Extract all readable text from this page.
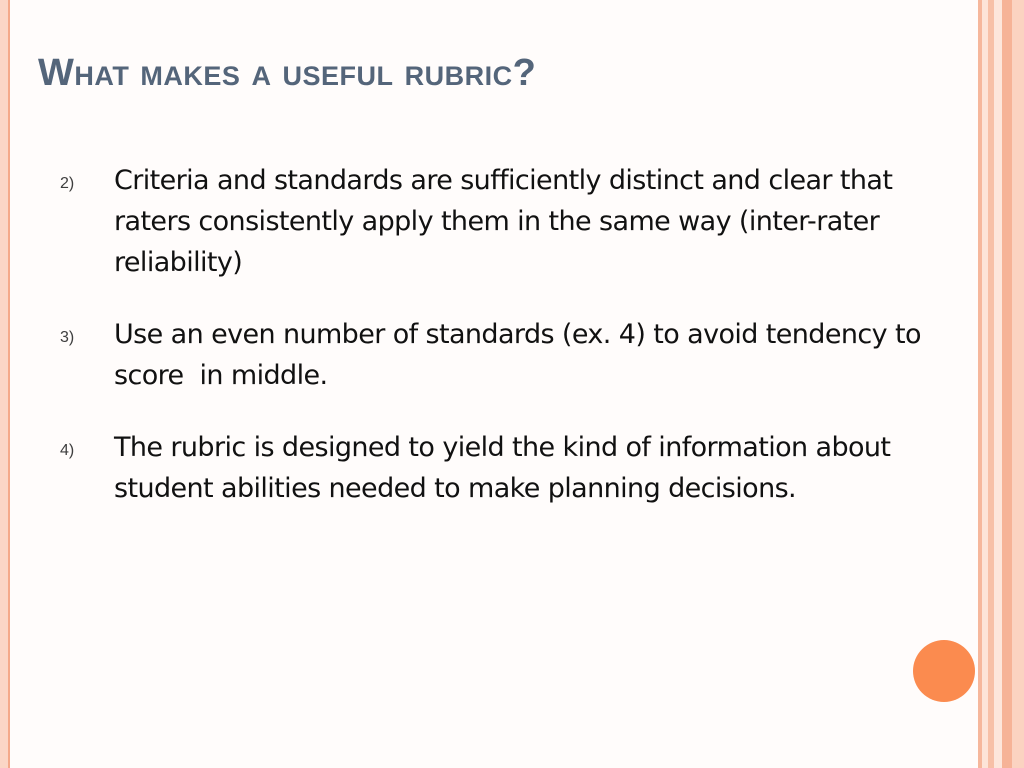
What makes a useful rubric?
2)	Criteria and standards are sufficiently distinct and clear that raters consistently apply them in the same way (inter-rater reliability)
3)	Use an even number of standards (ex. 4) to avoid tendency to score  in middle.
4)	The rubric is designed to yield the kind of information about student abilities needed to make planning decisions.
